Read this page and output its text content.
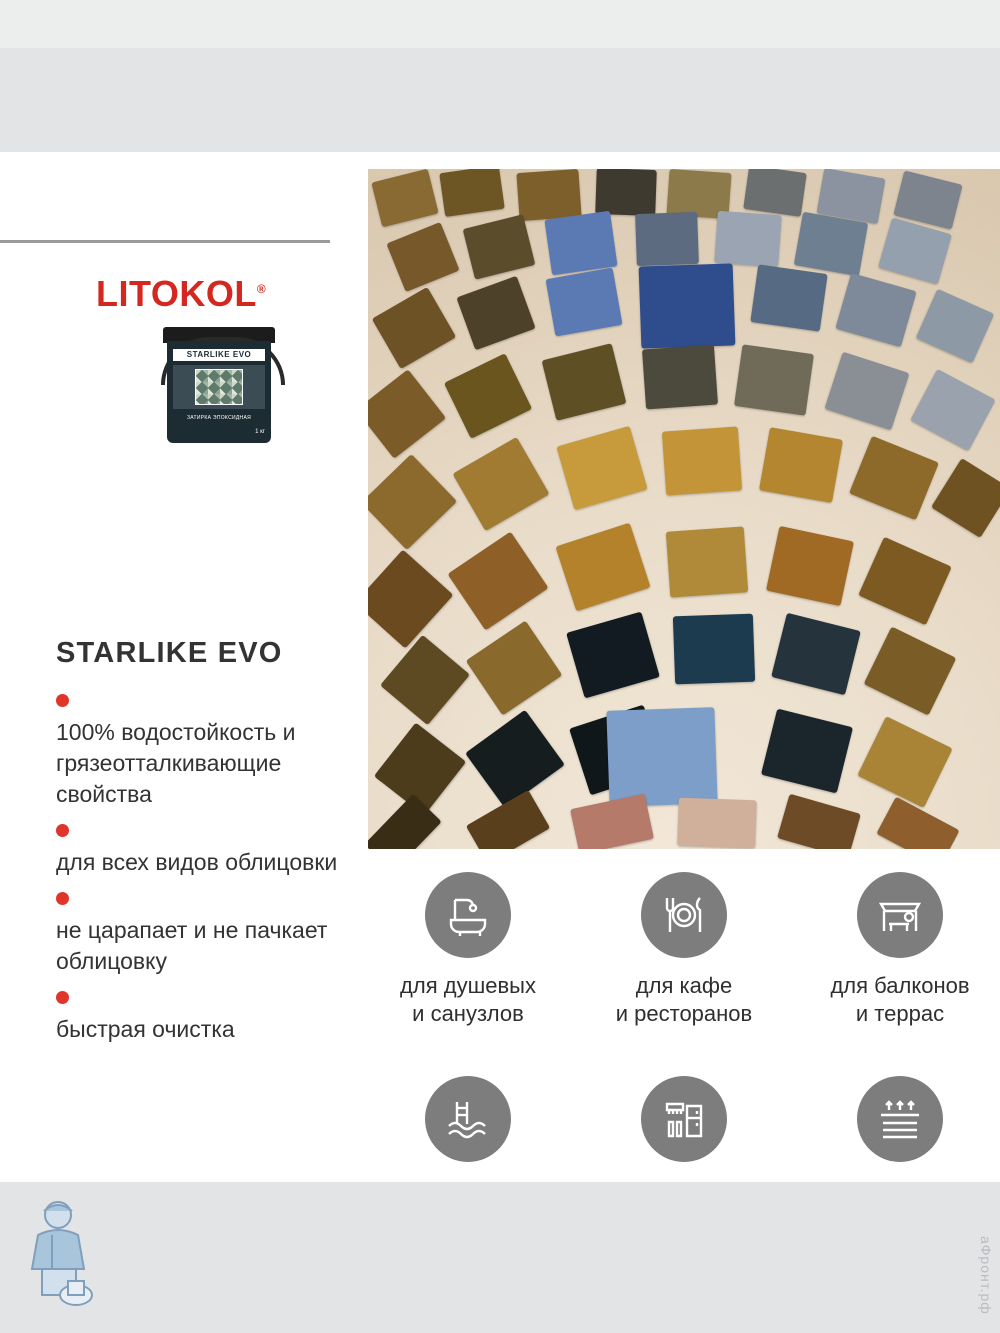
LITOKOL®
STARLIKE EVO
ЗАТИРКА ЭПОКСИДНАЯ
1 кг
STARLIKE EVO
100% водостойкость и грязеотталкивающие свойства
для всех видов облицовки
не царапает и не пачкает облицовку
быстрая очистка
для душевых
и санузлов
для кафе
и ресторанов
для балконов
и террас
аФронт.рф
